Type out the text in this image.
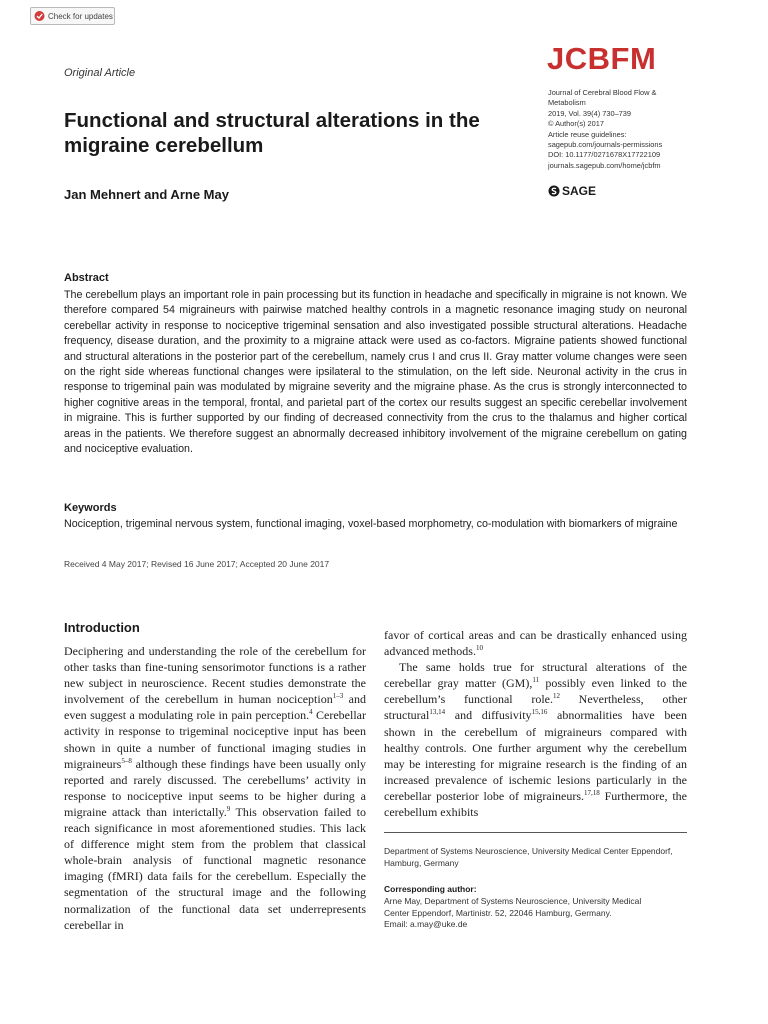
Check for updates
Original Article
Functional and structural alterations in the migraine cerebellum
Jan Mehnert and Arne May
JCBFM
Journal of Cerebral Blood Flow &
Metabolism
2019, Vol. 39(4) 730–739
© Author(s) 2017
Article reuse guidelines:
sagepub.com/journals-permissions
DOI: 10.1177/0271678X17722109
journals.sagepub.com/home/jcbfm
SAGE
Abstract
The cerebellum plays an important role in pain processing but its function in headache and specifically in migraine is not known. We therefore compared 54 migraineurs with pairwise matched healthy controls in a magnetic resonance imaging study on neuronal cerebellar activity in response to nociceptive trigeminal sensation and also investigated possible structural alterations. Headache frequency, disease duration, and the proximity to a migraine attack were used as co-factors. Migraine patients showed functional and structural alterations in the posterior part of the cerebellum, namely crus I and crus II. Gray matter volume changes were seen on the right side whereas functional changes were ipsilateral to the stimulation, on the left side. Neuronal activity in the crus in response to trigeminal pain was modulated by migraine severity and the migraine phase. As the crus is strongly interconnected to higher cognitive areas in the temporal, frontal, and parietal part of the cortex our results suggest an specific cerebellar involvement in migraine. This is further supported by our finding of decreased connectivity from the crus to the thalamus and higher cortical areas in the patients. We therefore suggest an abnormally decreased inhibitory involvement of the migraine cerebellum on gating and nociceptive evaluation.
Keywords
Nociception, trigeminal nervous system, functional imaging, voxel-based morphometry, co-modulation with biomarkers of migraine
Received 4 May 2017; Revised 16 June 2017; Accepted 20 June 2017
Introduction

Deciphering and understanding the role of the cerebellum for other tasks than fine-tuning sensorimotor functions is a rather new subject in neuroscience. Recent studies demonstrate the involvement of the cerebellum in human nociception$^{1-3}$ and even suggest a modulating role in pain perception.$^4$ Cerebellar activity in response to trigeminal nociceptive input has been shown in quite a number of functional imaging studies in migraineurs$^{5-8}$ although these findings have been usually only reported and rarely discussed. The cerebellums’ activity in response to nociceptive input seems to be higher during a migraine attack than interictally.$^9$ This observation failed to reach significance in most aforementioned studies. This lack of difference might stem from the problem that classical whole-brain analysis of functional magnetic resonance imaging (fMRI) data fails for the cerebellum. Especially the segmentation of the structural image and the following normalization of the functional data set underrepresents cerebellar in

favor of cortical areas and can be drastically enhanced using advanced methods.$^{10}$

The same holds true for structural alterations of the cerebellar gray matter (GM),$^{11}$ possibly even linked to the cerebellum’s functional role.$^{12}$ Nevertheless, other structural$^{13,14}$ and diffusivity$^{15,16}$ abnormalities have been shown in the cerebellum of migraineurs compared with healthy controls. One further argument why the cerebellum may be interesting for migraine research is the finding of an increased prevalence of ischemic lesions particularly in the cerebellar posterior lobe of migraineurs.$^{17,18}$ Furthermore, the cerebellum exhibits

Department of Systems Neuroscience, University Medical Center Eppendorf, Hamburg, Germany
Corresponding author:
Arne May, Department of Systems Neuroscience, University Medical
Center Eppendorf, Martinistr. 52, 22046 Hamburg, Germany.
Email: a.may@uke.de
